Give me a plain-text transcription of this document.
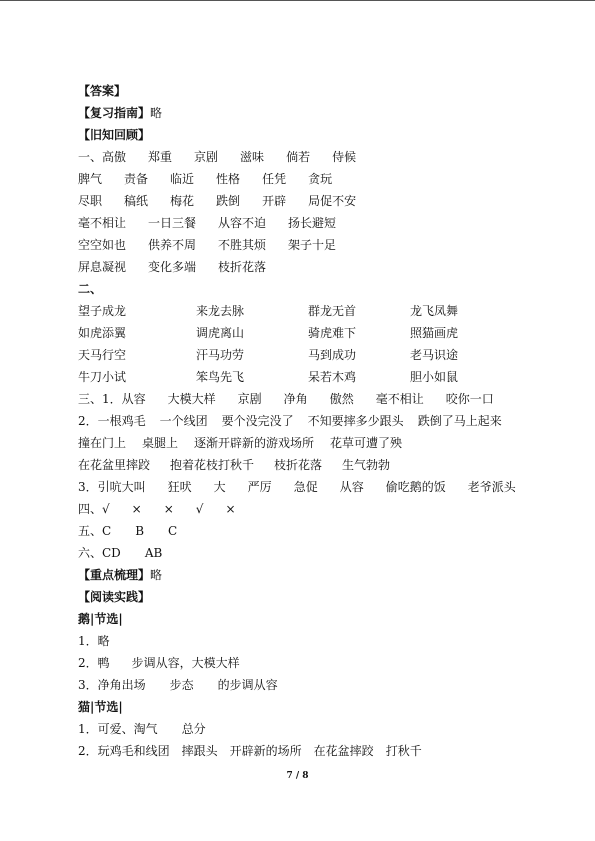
【答案】
【复习指南】略
【旧知回顾】
一、高傲 郑重 京剧 滋味 倘若 侍候
脾气 责备 临近 性格 任凭 贪玩
尽职 稿纸 梅花 跌倒 开辟 局促不安
毫不相让 一日三餐 从容不迫 扬长避短
空空如也 供养不周 不胜其烦 架子十足
屏息凝视 变化多端 枝折花落
二、
望子成龙	来龙去脉	群龙无首	龙飞凤舞
如虎添翼	调虎离山	骑虎难下	照猫画虎
天马行空	汗马功劳	马到成功	老马识途
牛刀小试	笨鸟先飞	呆若木鸡	胆小如鼠
三、1．从容 大模大样 京剧 净角 傲然 毫不相让 咬你一口
2．一根鸡毛 一个线团 要个没完没了 不知要摔多少跟头 跌倒了马上起来
撞在门上 桌腿上 逐渐开辟新的游戏场所 花草可遭了殃
在花盆里摔跤 抱着花枝打秋千 枝折花落 生气勃勃
3．引吭大叫 狂吠 大 严厉 急促 从容 偷吃鹅的饭 老爷派头
四、√ × × √ ×
五、C B C
六、CD AB
【重点梳理】略
【阅读实践】
鹅|节选|
1．略
2．鸭 步调从容，大模大样
3．净角出场 步态 的步调从容
猫|节选|
1．可爱、淘气 总分
2．玩鸡毛和线团 摔跟头 开辟新的场所 在花盆摔跤 打秋千
7 / 8
